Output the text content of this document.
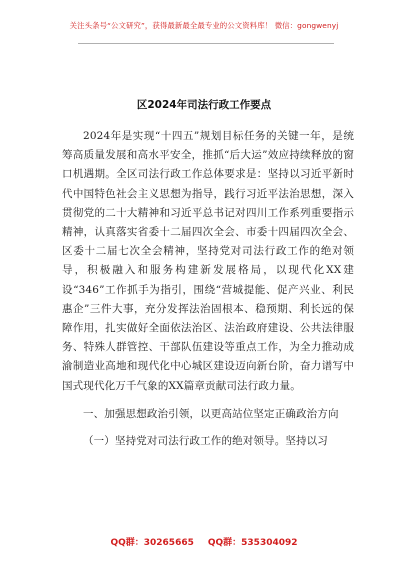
关注头条号“公文研究”，获得最新最全最专业的公文资料库！ 微信：gongwenyj
区2024年司法行政工作要点

2024年是实现“十四五”规划目标任务的关键一年，是统筹高质量发展和高水平安全，推抓“后大运”效应持续释放的窗口机遇期。全区司法行政工作总体要求是：坚持以习近平新时代中国特色社会主义思想为指导，践行习近平法治思想，深入贯彻党的二十大精神和习近平总书记对四川工作系列重要指示精神，认真落实省委十二届四次全会、市委十四届四次全会、区委十二届七次全会精神，坚持党对司法行政工作的绝对领导，积极融入和服务构建新发展格局，以现代化XX建设“346”工作抓手为指引，围绕“营城提能、促产兴业、利民惠企”三件大事，充分发挥法治固根本、稳预期、利长远的保障作用，扎实做好全面依法治区、法治政府建设、公共法律服务、特殊人群管控、干部队伍建设等重点工作，为全力推动成渝制造业高地和现代化中心城区建设迈向新台阶，奋力谱写中国式现代化万千气象的XX篇章贡献司法行政力量。

一、加强思想政治引领，以更高站位坚定正确政治方向

（一）坚持党对司法行政工作的绝对领导。坚持以习

QQ群：30265665 QQ群：535304092
